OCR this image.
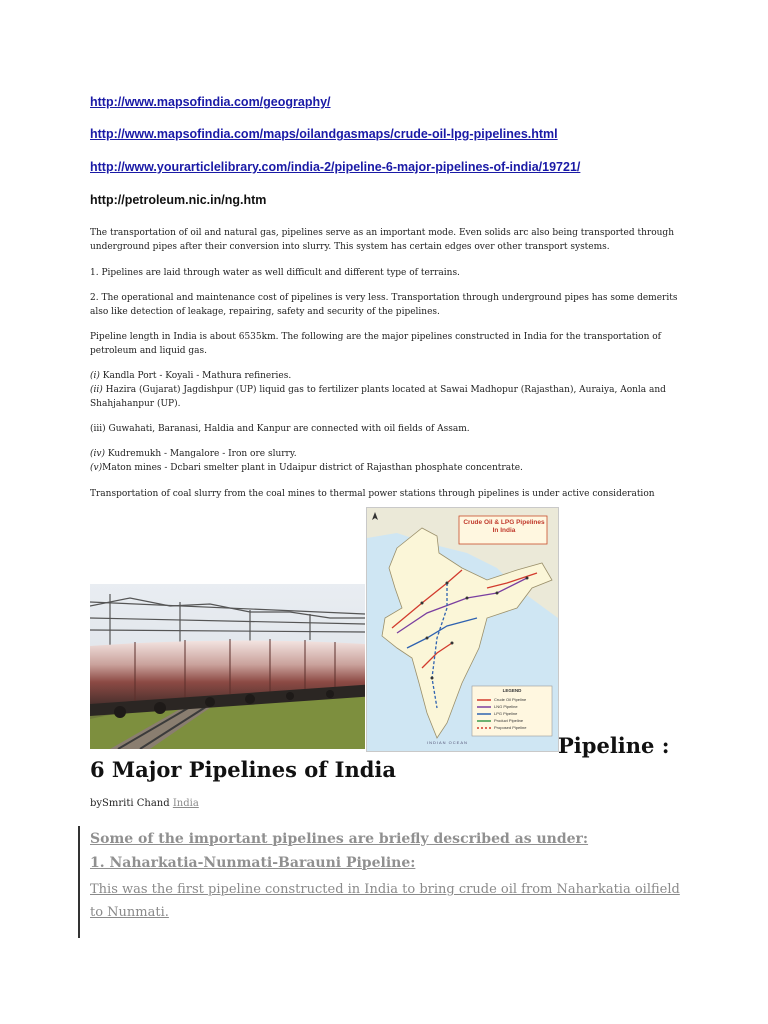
http://www.mapsofindia.com/geography/
http://www.mapsofindia.com/maps/oilandgasmaps/crude-oil-lpg-pipelines.html
http://www.yourarticlelibrary.com/india-2/pipeline-6-major-pipelines-of-india/19721/
http://petroleum.nic.in/ng.htm
The transportation of oil and natural gas, pipelines serve as an important mode. Even solids arc also being transported through underground pipes after their conversion into slurry. This system has certain edges over other transport systems.
1. Pipelines are laid through water as well difficult and different type of terrains.
2. The operational and maintenance cost of pipelines is very less. Transportation through underground pipes has some demerits also like detection of leakage, repairing, safety and security of the pipelines.
Pipeline length in India is about 6535km. The following are the major pipelines constructed in India for the transportation of petroleum and liquid gas.
(i) Kandla Port - Koyali - Mathura refineries.
(ii) Hazira (Gujarat) Jagdishpur (UP) liquid gas to fertilizer plants located at Sawai Madhopur (Rajasthan), Auraiya, Aonla and Shahjahanpur (UP).
(iii) Guwahati, Baranasi, Haldia and Kanpur are connected with oil fields of Assam.
(iv) Kudremukh - Mangalore - Iron ore slurry.
(v)Maton mines - Dcbari smelter plant in Udaipur district of Rajasthan phosphate concentrate.
Transportation of coal slurry from the coal mines to thermal power stations through pipelines is under active consideration
Crude Oil & LPG Pipelines
In India
INDIAN OCEAN
LEGEND
Crude Oil Pipeline
LNG Pipeline
LPG Pipeline
Product Pipeline
Proposed Pipeline
Pipeline :
6 Major Pipelines of India
bySmriti Chand India
Some of the important pipelines are briefly described as under:
1. Naharkatia-Nunmati-Barauni Pipeline:
This was the first pipeline constructed in India to bring crude oil from Naharkatia oilfield to Nunmati.
